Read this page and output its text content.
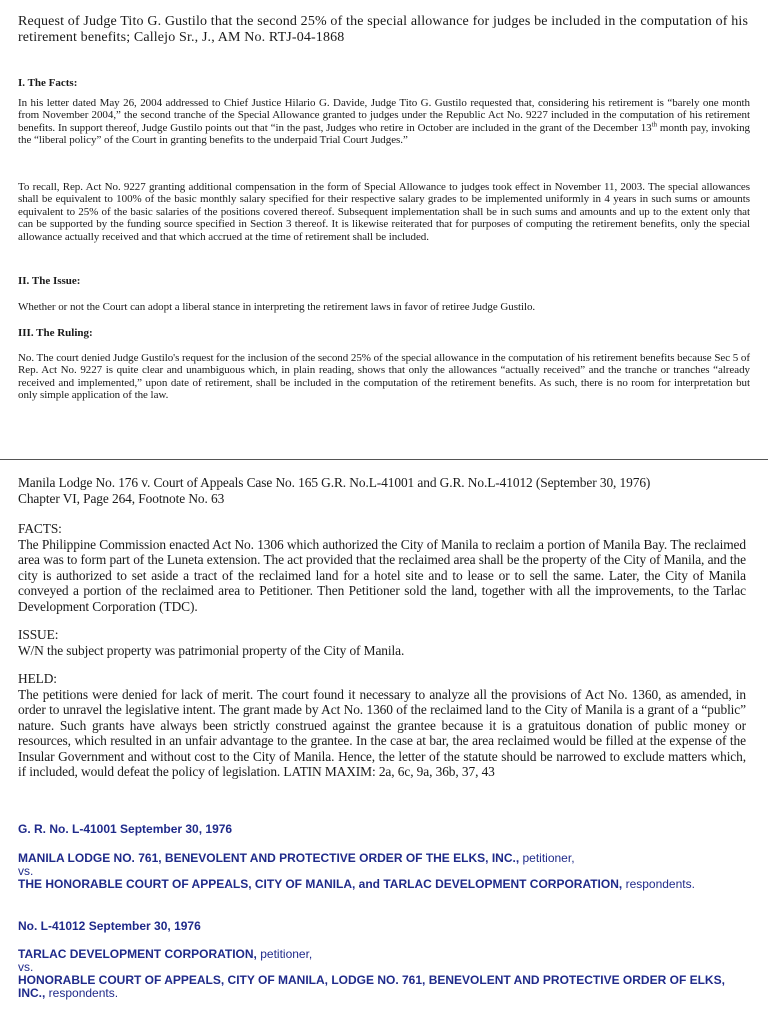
Request of Judge Tito G. Gustilo that the second 25% of the special allowance for judges be included in the computation of his retirement benefits; Callejo Sr., J., AM No. RTJ-04-1868
I. The Facts:
In his letter dated May 26, 2004 addressed to Chief Justice Hilario G. Davide, Judge Tito G. Gustilo requested that, considering his retirement is “barely one month from November 2004,” the second tranche of the Special Allowance granted to judges under the Republic Act No. 9227 included in the computation of his retirement benefits. In support thereof, Judge Gustilo points out that “in the past, Judges who retire in October are included in the grant of the December 13th month pay, invoking the “liberal policy” of the Court in granting benefits to the underpaid Trial Court Judges.”
To recall, Rep. Act No. 9227 granting additional compensation in the form of Special Allowance to judges took effect in November 11, 2003. The special allowances shall be equivalent to 100% of the basic monthly salary specified for their respective salary grades to be implemented uniformly in 4 years in such sums or amounts equivalent to 25% of the basic salaries of the positions covered thereof. Subsequent implementation shall be in such sums and amounts and up to the extent only that can be supported by the funding source specified in Section 3 thereof. It is likewise reiterated that for purposes of computing the retirement benefits, only the special allowance actually received and that which accrued at the time of retirement shall be included.
II. The Issue:
Whether or not the Court can adopt a liberal stance in interpreting the retirement laws in favor of retiree Judge Gustilo.
III. The Ruling:
No. The court denied Judge Gustilo's request for the inclusion of the second 25% of the special allowance in the computation of his retirement benefits because Sec 5 of Rep. Act No. 9227 is quite clear and unambiguous which, in plain reading, shows that only the allowances “actually received” and the tranche or tranches “already received and implemented,” upon date of retirement, shall be included in the computation of the retirement benefits. As such, there is no room for interpretation but only simple application of the law.
Manila Lodge No. 176 v. Court of Appeals Case No. 165 G.R. No.L-41001 and G.R. No.L-41012 (September 30, 1976)
Chapter VI, Page 264, Footnote No. 63
FACTS:
The Philippine Commission enacted Act No. 1306 which authorized the City of Manila to reclaim a portion of Manila Bay. The reclaimed area was to form part of the Luneta extension. The act provided that the reclaimed area shall be the property of the City of Manila, and the city is authorized to set aside a tract of the reclaimed land for a hotel site and to lease or to sell the same. Later, the City of Manila conveyed a portion of the reclaimed area to Petitioner. Then Petitioner sold the land, together with all the improvements, to the Tarlac Development Corporation (TDC).
ISSUE:
W/N the subject property was patrimonial property of the City of Manila.
HELD:
The petitions were denied for lack of merit. The court found it necessary to analyze all the provisions of Act No. 1360, as amended, in order to unravel the legislative intent. The grant made by Act No. 1360 of the reclaimed land to the City of Manila is a grant of a “public” nature. Such grants have always been strictly construed against the grantee because it is a gratuitous donation of public money or resources, which resulted in an unfair advantage to the grantee. In the case at bar, the area reclaimed would be filled at the expense of the Insular Government and without cost to the City of Manila. Hence, the letter of the statute should be narrowed to exclude matters which, if included, would defeat the policy of legislation. LATIN MAXIM: 2a, 6c, 9a, 36b, 37, 43
G. R. No. L-41001 September 30, 1976
MANILA LODGE NO. 761, BENEVOLENT AND PROTECTIVE ORDER OF THE ELKS, INC., petitioner,
vs.
THE HONORABLE COURT OF APPEALS, CITY OF MANILA, and TARLAC DEVELOPMENT CORPORATION, respondents.
No. L-41012 September 30, 1976
TARLAC DEVELOPMENT CORPORATION, petitioner,
vs.
HONORABLE COURT OF APPEALS, CITY OF MANILA, LODGE NO. 761, BENEVOLENT AND PROTECTIVE ORDER OF ELKS, INC., respondents.
